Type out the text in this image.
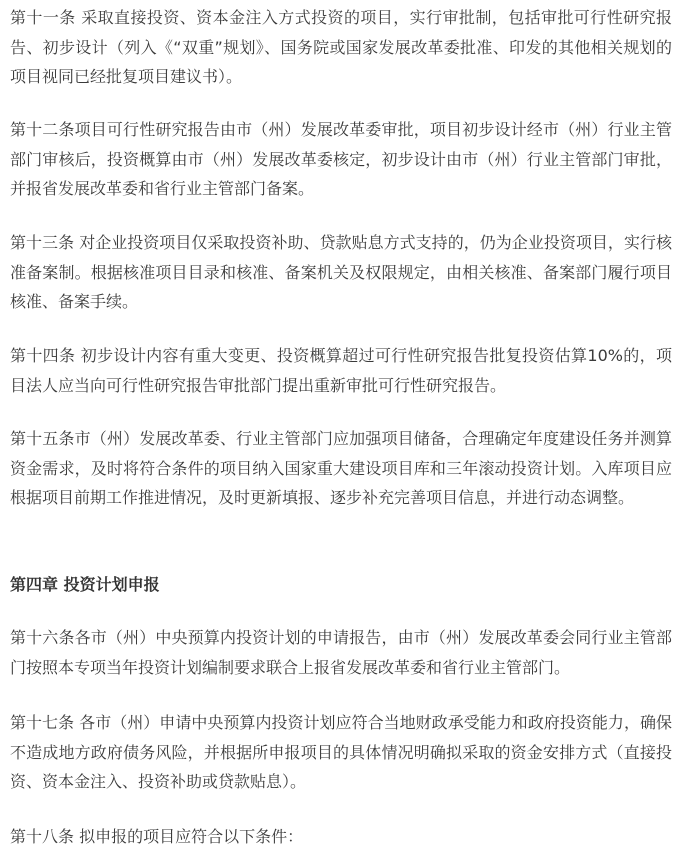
第十一条 采取直接投资、资本金注入方式投资的项目，实行审批制，包括审批可行性研究报告、初步设计（列入《“双重”规划》、国务院或国家发展改革委批准、印发的其他相关规划的项目视同已经批复项目建议书）。

第十二条项目可行性研究报告由市（州）发展改革委审批，项目初步设计经市（州）行业主管部门审核后，投资概算由市（州）发展改革委核定，初步设计由市（州）行业主管部门审批，并报省发展改革委和省行业主管部门备案。

第十三条 对企业投资项目仅采取投资补助、贷款贴息方式支持的，仍为企业投资项目，实行核准备案制。根据核准项目目录和核准、备案机关及权限规定，由相关核准、备案部门履行项目核准、备案手续。

第十四条 初步设计内容有重大变更、投资概算超过可行性研究报告批复投资估算10%的，项目法人应当向可行性研究报告审批部门提出重新审批可行性研究报告。

第十五条市（州）发展改革委、行业主管部门应加强项目储备，合理确定年度建设任务并测算资金需求，及时将符合条件的项目纳入国家重大建设项目库和三年滚动投资计划。入库项目应根据项目前期工作推进情况，及时更新填报、逐步补充完善项目信息，并进行动态调整。

第四章 投资计划申报

第十六条各市（州）中央预算内投资计划的申请报告，由市（州）发展改革委会同行业主管部门按照本专项当年投资计划编制要求联合上报省发展改革委和省行业主管部门。

第十七条 各市（州）申请中央预算内投资计划应符合当地财政承受能力和政府投资能力，确保不造成地方政府债务风险，并根据所申报项目的具体情况明确拟采取的资金安排方式（直接投资、资本金注入、投资补助或贷款贴息）。

第十八条 拟申报的项目应符合以下条件：
